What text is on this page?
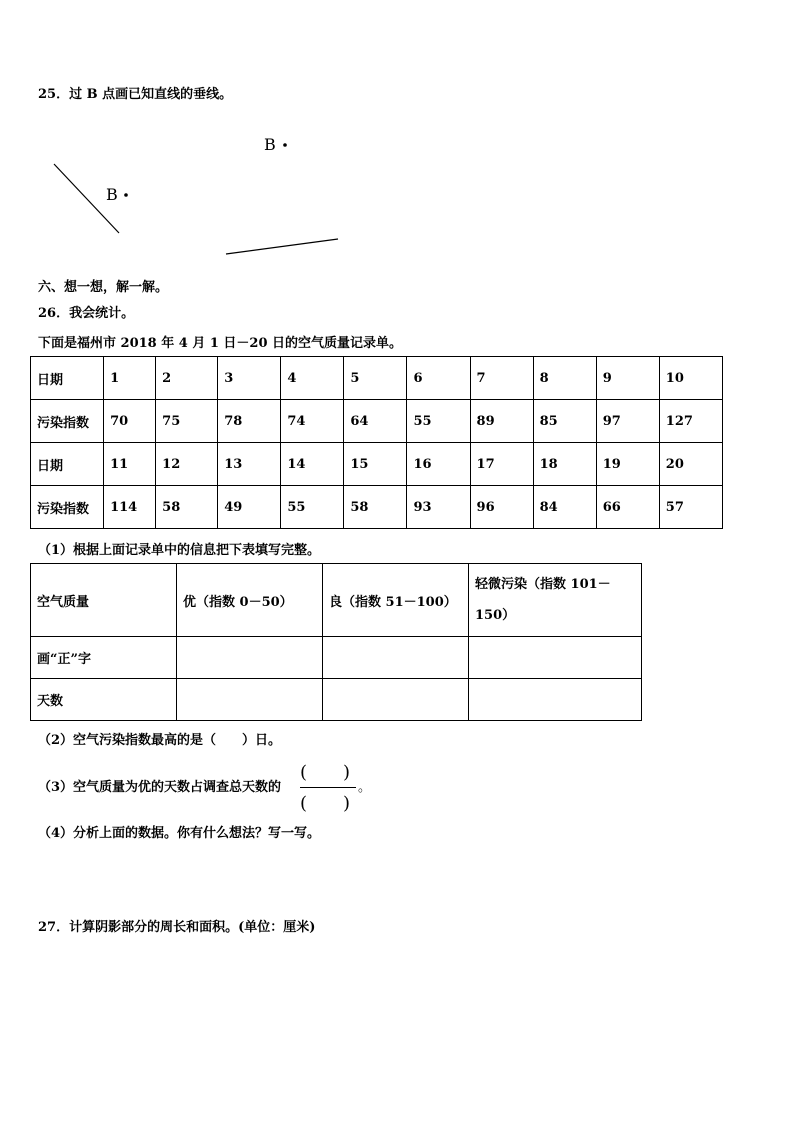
25．过 B 点画已知直线的垂线。
B
B
六、想一想，解一解。
26．我会统计。
下面是福州市 2018 年 4 月 1 日－20 日的空气质量记录单。
日期	1	2	3	4	5	6	7	8	9	10
污染指数	70	75	78	74	64	55	89	85	97	127
日期	11	12	13	14	15	16	17	18	19	20
污染指数	114	58	49	55	58	93	96	84	66	57
（1）根据上面记录单中的信息把下表填写完整。
空气质量	优（指数 0－50）	良（指数 51－100）	轻微污染（指数 101－150）
画“正”字			
天数			
（2）空气污染指数最高的是（　　）日。
（3）空气质量为优的天数占调查总天数的
(　　)
(　　)
。
（4）分析上面的数据。你有什么想法？写一写。
27．计算阴影部分的周长和面积。(单位：厘米)
